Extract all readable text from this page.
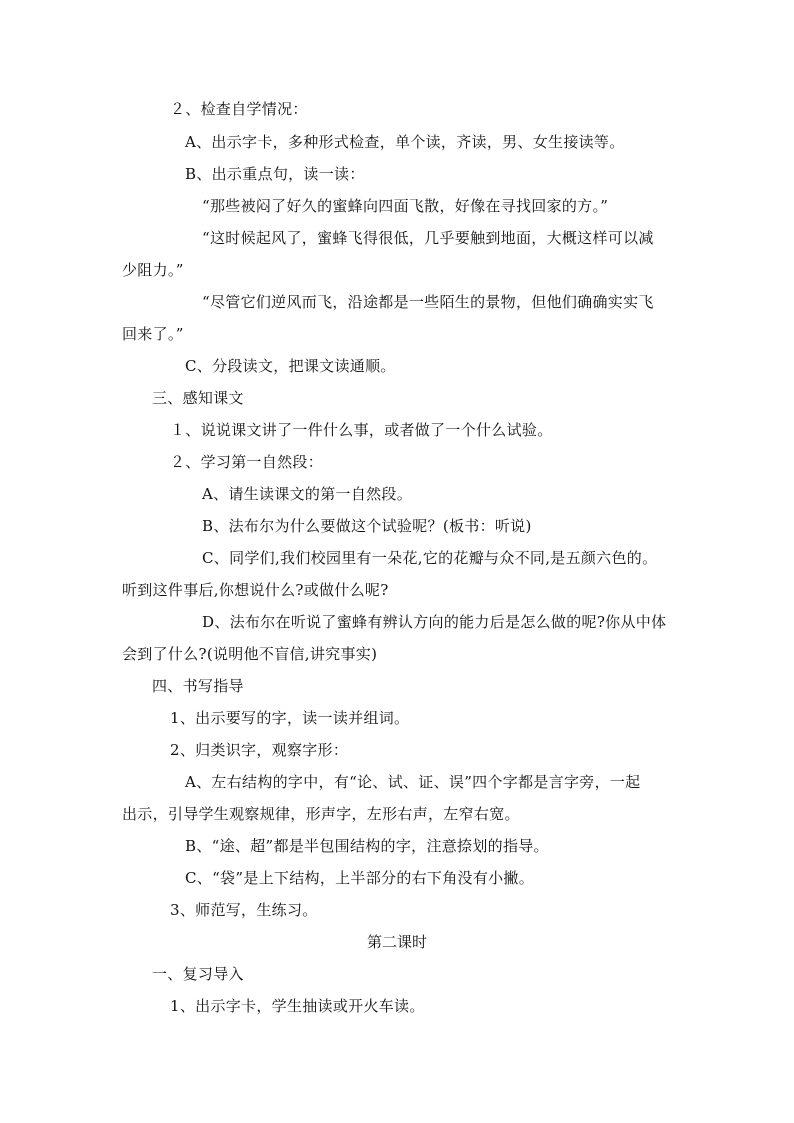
２、检查自学情况：
A、出示字卡，多种形式检查，单个读，齐读，男、女生接读等。
B、出示重点句，读一读：
“那些被闷了好久的蜜蜂向四面飞散，好像在寻找回家的方。”
“这时候起风了，蜜蜂飞得很低，几乎要触到地面，大概这样可以减
少阻力。”
“尽管它们逆风而飞，沿途都是一些陌生的景物，但他们确确实实飞
回来了。”
C、分段读文，把课文读通顺。
三、感知课文
１、说说课文讲了一件什么事，或者做了一个什么试验。
２、学习第一自然段：
A、请生读课文的第一自然段。
B、法布尔为什么要做这个试验呢？(板书：听说)
C、同学们,我们校园里有一朵花,它的花瓣与众不同,是五颜六色的。
听到这件事后,你想说什么?或做什么呢?
D、法布尔在听说了蜜蜂有辨认方向的能力后是怎么做的呢?你从中体
会到了什么?(说明他不盲信,讲究事实)
四、书写指导
1、出示要写的字，读一读并组词。
2、归类识字，观察字形：
A、左右结构的字中，有“论、试、证、误”四个字都是言字旁，一起
出示，引导学生观察规律，形声字，左形右声，左窄右宽。
B、“途、超”都是半包围结构的字，注意捺划的指导。
C、“袋”是上下结构，上半部分的右下角没有小撇。
3、师范写，生练习。
第二课时
一、复习导入
1、出示字卡，学生抽读或开火车读。
